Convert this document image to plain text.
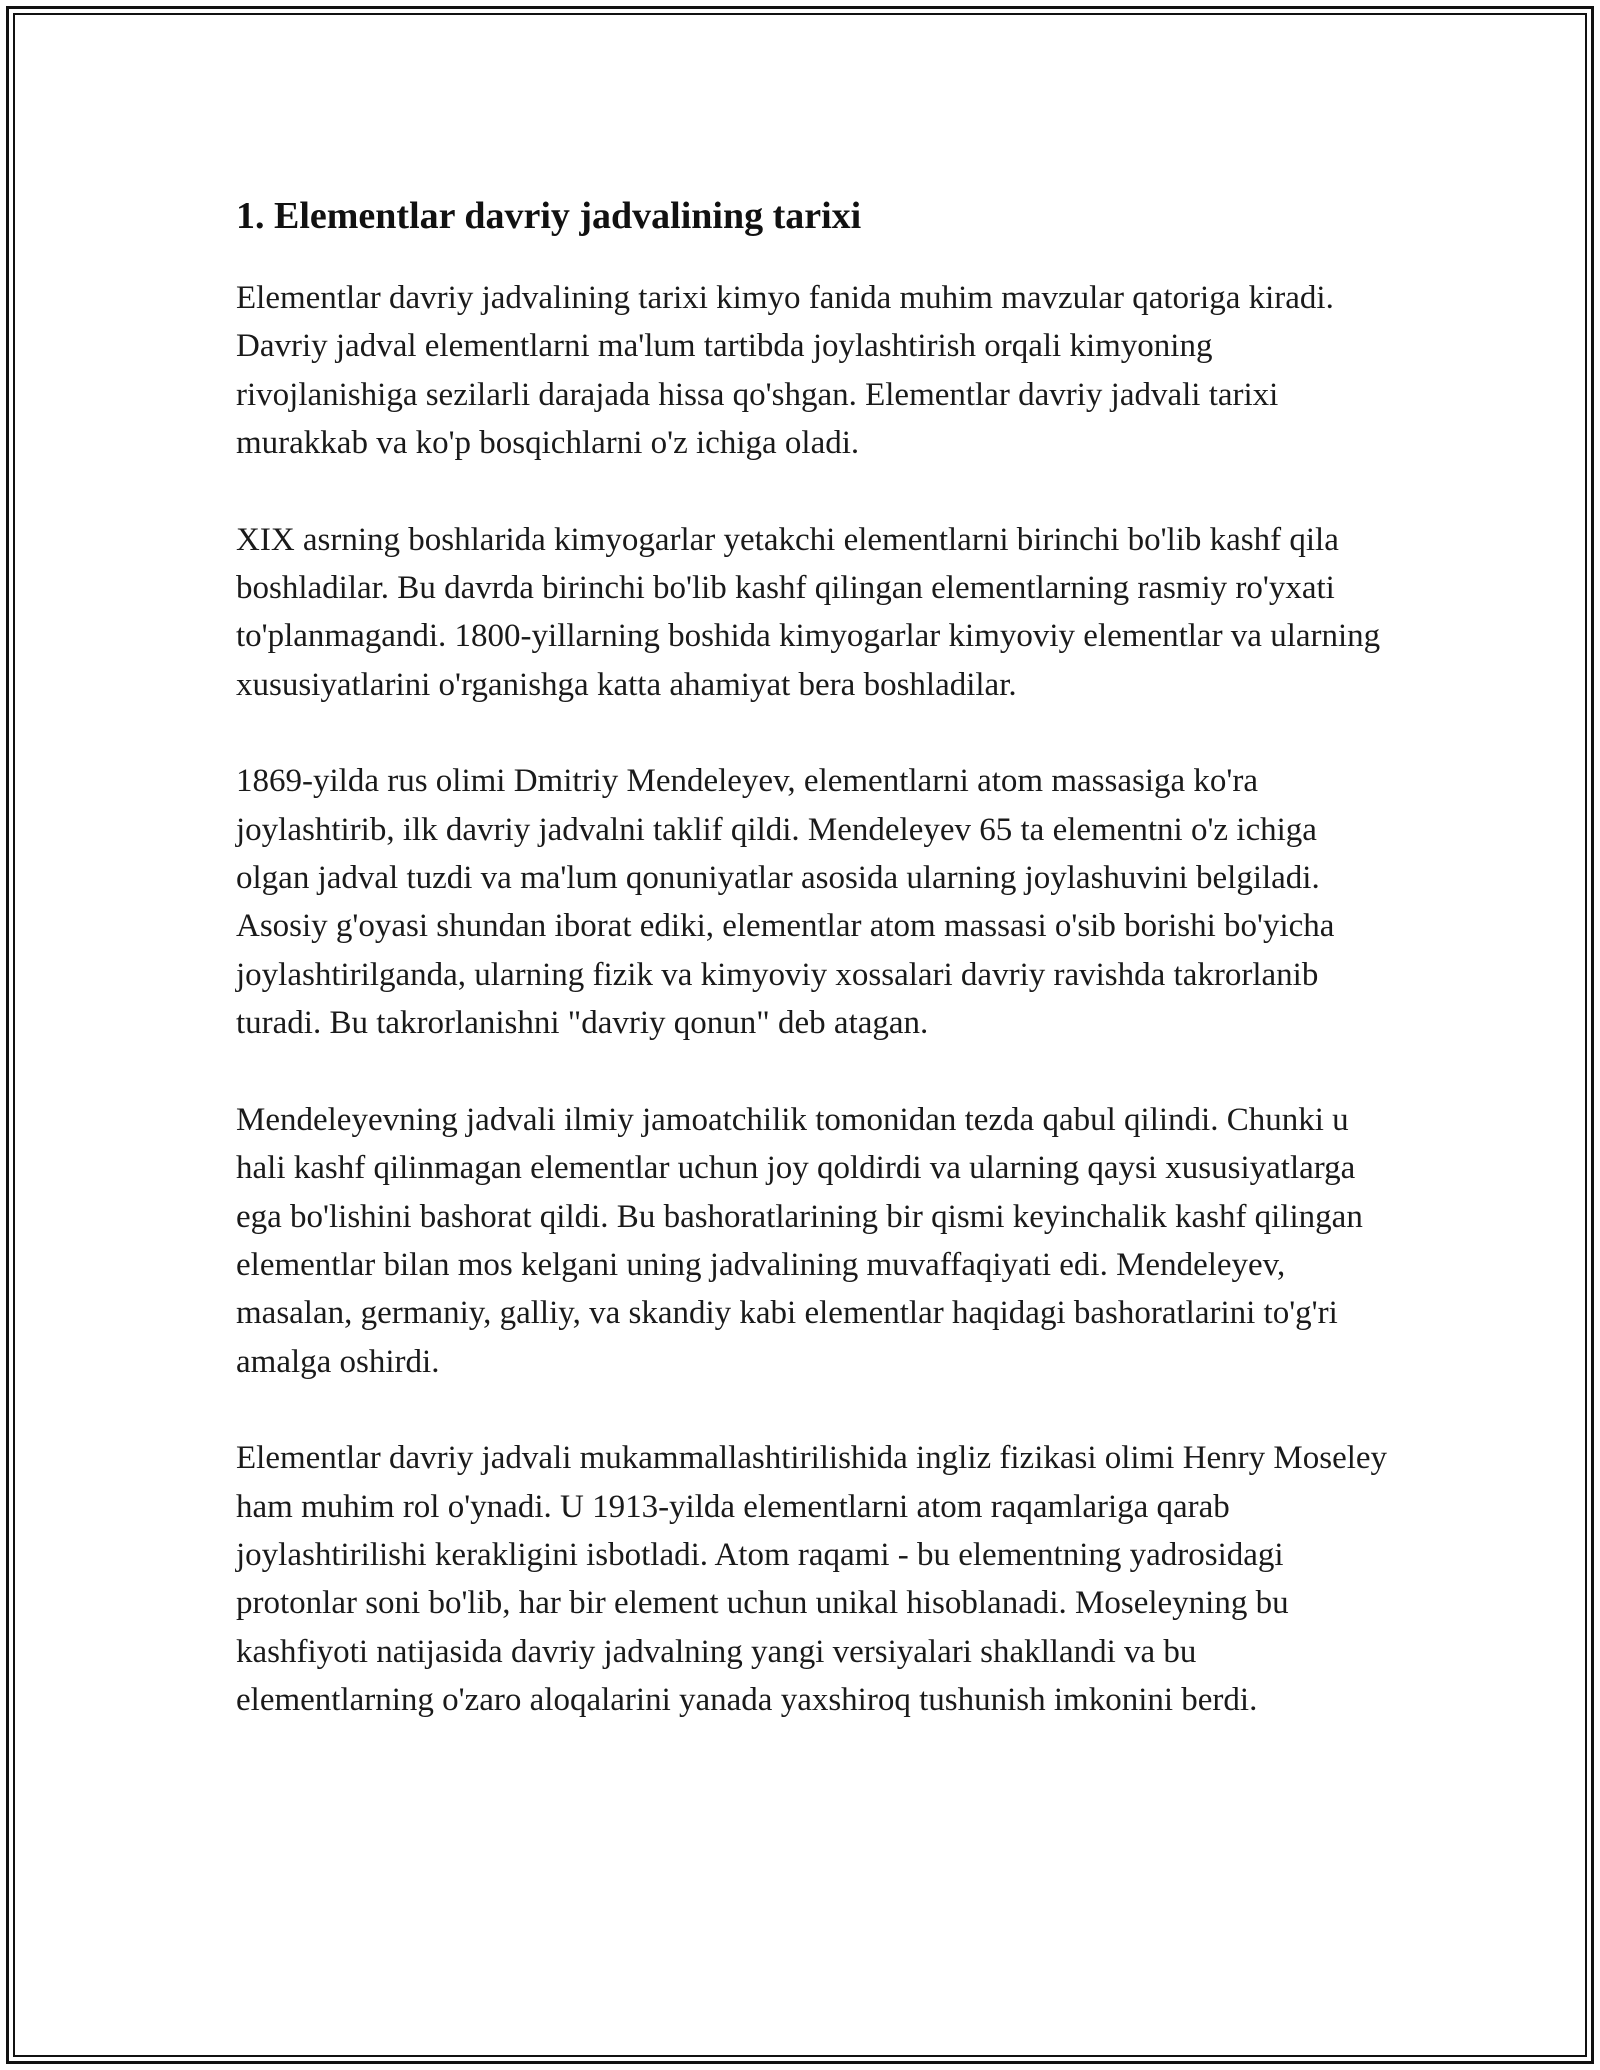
1. Elementlar davriy jadvalining tarixi

Elementlar davriy jadvalining tarixi kimyo fanida muhim mavzular qatoriga kiradi. Davriy jadval elementlarni ma'lum tartibda joylashtirish orqali kimyoning rivojlanishiga sezilarli darajada hissa qo'shgan. Elementlar davriy jadvali tarixi murakkab va ko'p bosqichlarni o'z ichiga oladi.

XIX asrning boshlarida kimyogarlar yetakchi elementlarni birinchi bo'lib kashf qila boshladilar. Bu davrda birinchi bo'lib kashf qilingan elementlarning rasmiy ro'yxati to'planmagandi. 1800-yillarning boshida kimyogarlar kimyoviy elementlar va ularning xususiyatlarini o'rganishga katta ahamiyat bera boshladilar.

1869-yilda rus olimi Dmitriy Mendeleyev, elementlarni atom massasiga ko'ra joylashtirib, ilk davriy jadvalni taklif qildi. Mendeleyev 65 ta elementni o'z ichiga olgan jadval tuzdi va ma'lum qonuniyatlar asosida ularning joylashuvini belgiladi. Asosiy g'oyasi shundan iborat ediki, elementlar atom massasi o'sib borishi bo'yicha joylashtirilganda, ularning fizik va kimyoviy xossalari davriy ravishda takrorlanib turadi. Bu takrorlanishni "davriy qonun" deb atagan.

Mendeleyevning jadvali ilmiy jamoatchilik tomonidan tezda qabul qilindi. Chunki u hali kashf qilinmagan elementlar uchun joy qoldirdi va ularning qaysi xususiyatlarga ega bo'lishini bashorat qildi. Bu bashoratlarining bir qismi keyinchalik kashf qilingan elementlar bilan mos kelgani uning jadvalining muvaffaqiyati edi. Mendeleyev, masalan, germaniy, galliy, va skandiy kabi elementlar haqidagi bashoratlarini to'g'ri amalga oshirdi.

Elementlar davriy jadvali mukammallashtirilishida ingliz fizikasi olimi Henry Moseley ham muhim rol o'ynadi. U 1913-yilda elementlarni atom raqamlariga qarab joylashtirilishi kerakligini isbotladi. Atom raqami - bu elementning yadrosidagi protonlar soni bo'lib, har bir element uchun unikal hisoblanadi. Moseleyning bu kashfiyoti natijasida davriy jadvalning yangi versiyalari shakllandi va bu elementlarning o'zaro aloqalarini yanada yaxshiroq tushunish imkonini berdi.
